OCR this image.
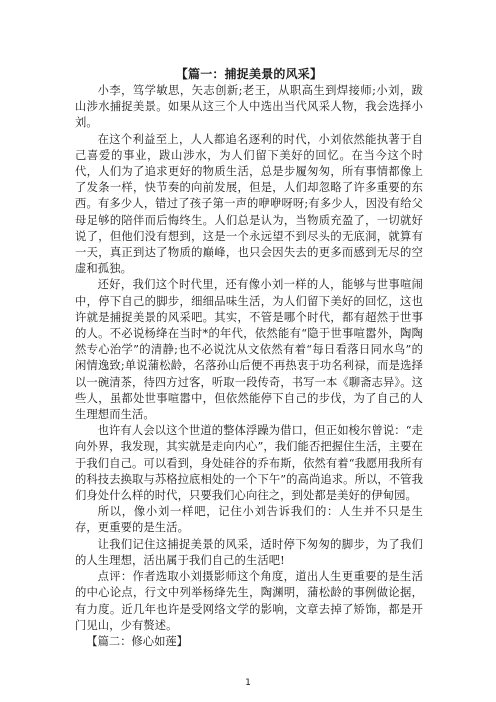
【篇一：捕捉美景的风采】

小李，笃学敏思，矢志创新;老王，从职高生到焊接师;小刘，跋山涉水捕捉美景。如果从这三个人中选出当代风采人物，我会选择小刘。

在这个利益至上，人人都追名逐利的时代，小刘依然能执著于自己喜爱的事业，跋山涉水，为人们留下美好的回忆。在当今这个时代，人们为了追求更好的物质生活，总是步履匆匆，所有事情都像上了发条一样，快节奏的向前发展，但是，人们却忽略了许多重要的东西。有多少人，错过了孩子第一声的咿咿呀呀;有多少人，因没有给父母足够的陪伴而后悔终生。人们总是认为，当物质充盈了，一切就好说了，但他们没有想到，这是一个永远望不到尽头的无底洞，就算有一天，真正到达了物质的巅峰，也只会因失去的更多而感到无尽的空虚和孤独。

还好，我们这个时代里，还有像小刘一样的人，能够与世事喧闹中，停下自己的脚步，细细品味生活，为人们留下美好的回忆，这也许就是捕捉美景的风采吧。其实，不管是哪个时代，都有超然于世事的人。不必说杨绛在当时*的年代，依然能有“隐于世事喧嚣外，陶陶然专心治学”的清静;也不必说沈从文依然有着“每日看落日同水鸟”的闲情逸致;单说蒲松龄，名落孙山后便不再热衷于功名利禄，而是选择以一碗清茶，待四方过客，听取一段传奇，书写一本《聊斋志异》。这些人，虽都处世事喧嚣中，但依然能停下自己的步伐，为了自己的人生理想而生活。

也许有人会以这个世道的整体浮躁为借口，但正如梭尔曾说：“走向外界，我发现，其实就是走向内心”，我们能否把握住生活，主要在于我们自己。可以看到，身处硅谷的乔布斯，依然有着“我愿用我所有的科技去换取与苏格拉底相处的一个下午”的高尚追求。所以，不管我们身处什么样的时代，只要我们心向往之，到处都是美好的伊甸园。

所以，像小刘一样吧，记住小刘告诉我们的：人生并不只是生存，更重要的是生活。

让我们记住这捕捉美景的风采，适时停下匆匆的脚步，为了我们的人生理想，活出属于我们自己的生活吧!

点评：作者选取小刘摄影师这个角度，道出人生更重要的是生活的中心论点，行文中列举杨绛先生，陶渊明，蒲松龄的事例做论据，有力度。近几年也许是受网络文学的影响，文章去掉了矫饰，都是开门见山，少有赘述。

【篇二：修心如莲】
1
